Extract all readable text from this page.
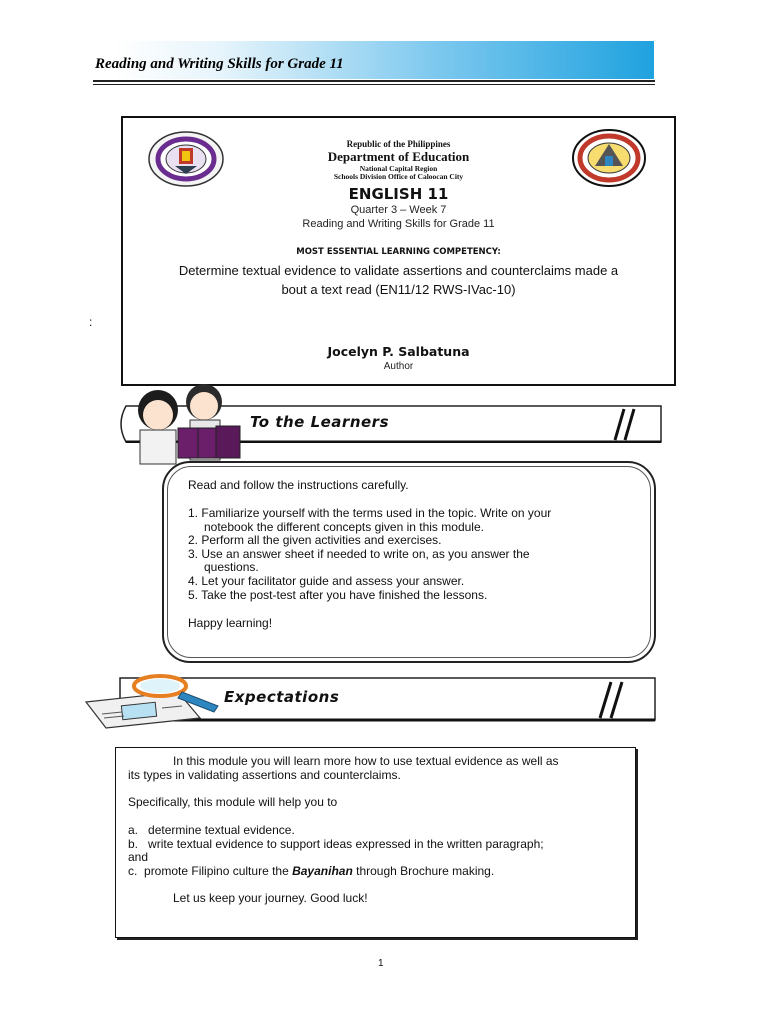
Reading and Writing Skills for Grade 11
Republic of the Philippines
Department of Education
National Capital Region
Schools Division Office of Caloocan City
ENGLISH 11
Quarter 3 – Week 7
Reading and Writing Skills for Grade 11
MOST ESSENTIAL LEARNING COMPETENCY:
Determine textual evidence to validate assertions and counterclaims made a
bout a text read (EN11/12 RWS-IVac-10)
Jocelyn P. Salbatuna
Author
:
To the Learners
Read and follow the instructions carefully.
1. Familiarize yourself with the terms used in the topic. Write on your
notebook the different concepts given in this module.
2. Perform all the given activities and exercises.
3. Use an answer sheet if needed to write on, as you answer the
questions.
4. Let your facilitator guide and assess your answer.
5. Take the post-test after you have finished the lessons.
Happy learning!
Expectations
In this module you will learn more how to use textual evidence as well as
its types in validating assertions and counterclaims.
Specifically, this module will help you to
a. determine textual evidence.
b. write textual evidence to support ideas expressed in the written paragraph;
and
c. promote Filipino culture the Bayanihan through Brochure making.
Let us keep your journey. Good luck!
1
